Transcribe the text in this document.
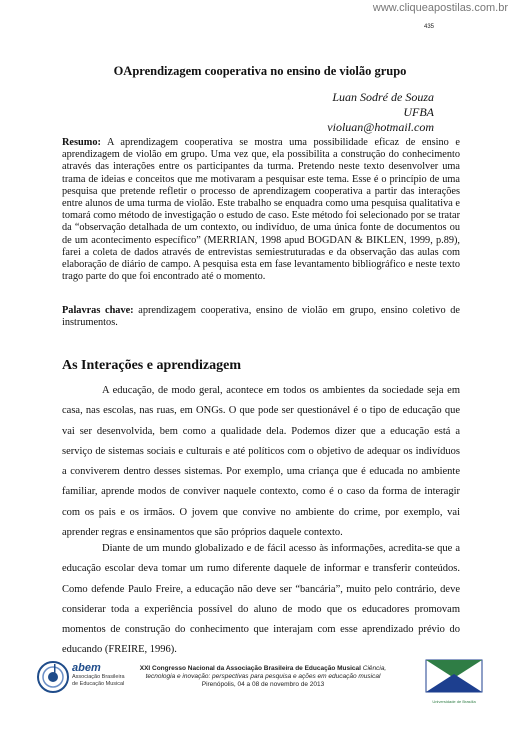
www.cliqueapostilas.com.br
435
OAprendizagem cooperativa no ensino de violão grupo
Luan Sodré de Souza
UFBA
violuan@hotmail.com
Resumo: A aprendizagem cooperativa se mostra uma possibilidade eficaz de ensino e aprendizagem de violão em grupo. Uma vez que, ela possibilita a construção do conhecimento através das interações entre os participantes da turma. Pretendo neste texto desenvolver uma trama de ideias e conceitos que me motivaram a pesquisar este tema. Esse é o princípio de uma pesquisa que pretende refletir o processo de aprendizagem cooperativa a partir das interações entre alunos de uma turma de violão. Este trabalho se enquadra como uma pesquisa qualitativa e tomará como método de investigação o estudo de caso. Este método foi selecionado por se tratar da “observação detalhada de um contexto, ou indivíduo, de uma única fonte de documentos ou de um acontecimento específico” (MERRIAN, 1998 apud BOGDAN & BIKLEN, 1999, p.89), farei a coleta de dados através de entrevistas semiestruturadas e da observação das aulas com elaboração de diário de campo. A pesquisa esta em fase levantamento bibliográfico e neste texto trago parte do que foi encontrado até o momento.
Palavras chave: aprendizagem cooperativa, ensino de violão em grupo, ensino coletivo de instrumentos.
As Interações e aprendizagem
A educação, de modo geral, acontece em todos os ambientes da sociedade seja em casa, nas escolas, nas ruas, em ONGs. O que pode ser questionável é o tipo de educação que vai ser desenvolvida, bem como a qualidade dela. Podemos dizer que a educação está a serviço de sistemas sociais e culturais e até políticos com o objetivo de adequar os indivíduos a conviverem dentro desses sistemas. Por exemplo, uma criança que é educada no ambiente familiar, aprende modos de conviver naquele contexto, como é o caso da forma de interagir com os pais e os irmãos. O jovem que convive no ambiente do crime, por exemplo, vai aprender regras e ensinamentos que são próprios daquele contexto.
Diante de um mundo globalizado e de fácil acesso às informações, acredita-se que a educação escolar deva tomar um rumo diferente daquele de informar e transferir conteúdos. Como defende Paulo Freire, a educação não deve ser “bancária”, muito pelo contrário, deve considerar toda a experiência possível do aluno de modo que os educadores promovam momentos de construção do conhecimento que interajam com esse aprendizado prévio do educando (FREIRE, 1996).
abem
Associação Brasileira
de Educação Musical
XXI Congresso Nacional da Associação Brasileira de Educação Musical Ciência,
tecnologia e inovação: perspectivas para pesquisa e ações em educação musical
Pirenópolis, 04 a 08 de novembro de 2013
Universidade de Brasília
